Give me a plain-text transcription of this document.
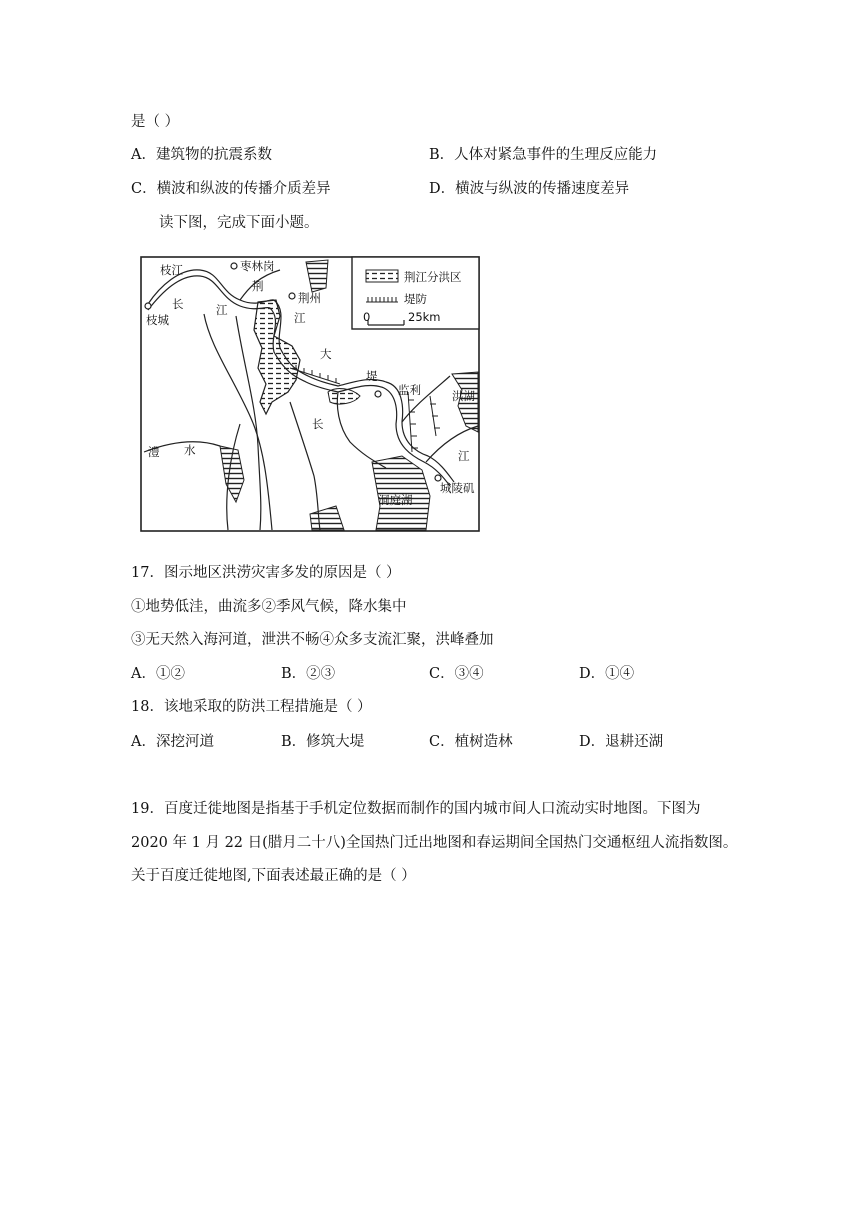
是（ ）
A．建筑物的抗震系数	B．人体对紧急事件的生理反应能力
C．横波和纵波的传播介质差异	D．横波与纵波的传播速度差异
读下图，完成下面小题。
荆江分洪区
堤防
0	25km
枝江	枣林岗
荆
荆州
长	江
江
枝城
大
堤
监利	洪湖
长
江
澧 水
洞庭湖
城陵矶
17．图示地区洪涝灾害多发的原因是（ ）
①地势低洼，曲流多②季风气候，降水集中
③无天然入海河道，泄洪不畅④众多支流汇聚，洪峰叠加
A．①②	B．②③	C．③④	D．①④
18．该地采取的防洪工程措施是（ ）
A．深挖河道	B．修筑大堤	C．植树造林	D．退耕还湖
19．百度迁徙地图是指基于手机定位数据而制作的国内城市间人口流动实时地图。下图为
2020 年 1 月 22 日(腊月二十八)全国热门迁出地图和春运期间全国热门交通枢纽人流指数图。
关于百度迁徙地图,下面表述最正确的是（ ）
